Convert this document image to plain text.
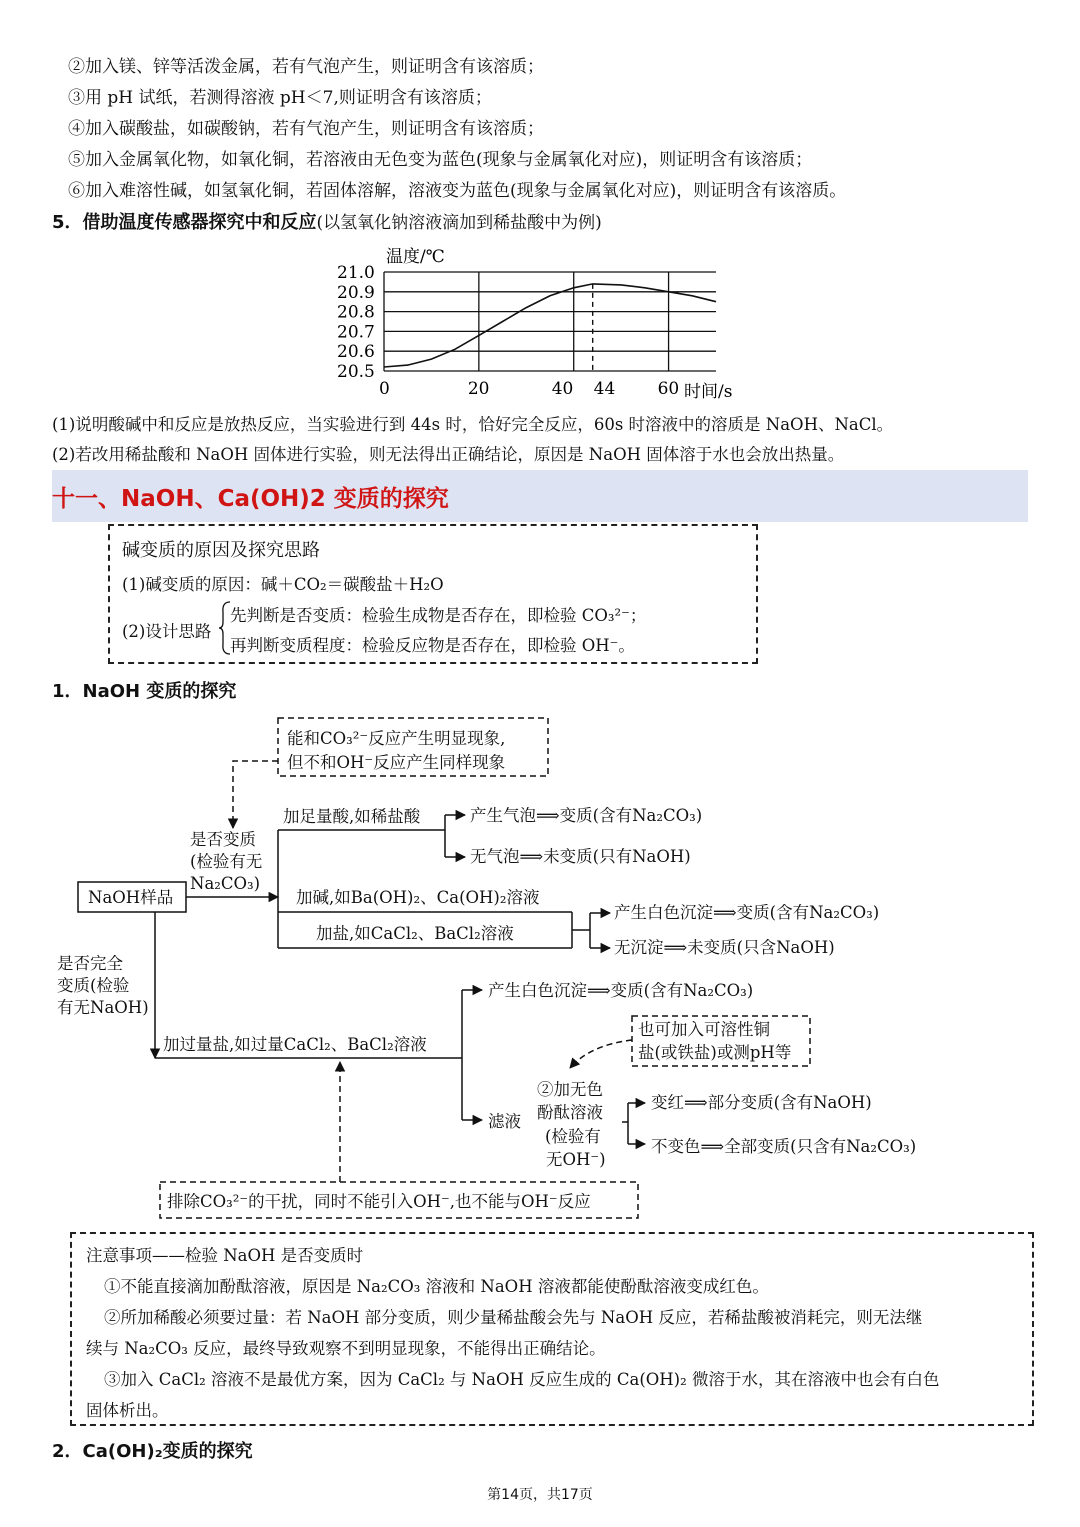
②加入镁、锌等活泼金属，若有气泡产生，则证明含有该溶质；
③用 pH 试纸，若测得溶液 pH＜7,则证明含有该溶质；
④加入碳酸盐，如碳酸钠，若有气泡产生，则证明含有该溶质；
⑤加入金属氧化物，如氧化铜，若溶液由无色变为蓝色(现象与金属氧化对应)，则证明含有该溶质；
⑥加入难溶性碱，如氢氧化铜，若固体溶解，溶液变为蓝色(现象与金属氧化对应)，则证明含有该溶质。
5．借助温度传感器探究中和反应(以氢氧化钠溶液滴加到稀盐酸中为例)
温度/℃
21.0
20.9
20.8
20.7
20.6
20.5
0	20	40 44 60 时间/s
(1)说明酸碱中和反应是放热反应，当实验进行到 44s 时，恰好完全反应，60s 时溶液中的溶质是 NaOH、NaCl。
(2)若改用稀盐酸和 NaOH 固体进行实验，则无法得出正确结论，原因是 NaOH 固体溶于水也会放出热量。
十一、NaOH、Ca(OH)2 变质的探究
碱变质的原因及探究思路
(1)碱变质的原因：碱＋CO₂＝碳酸盐＋H₂O
(2)设计思路
先判断是否变质：检验生成物是否存在，即检验 CO₃²⁻；
再判断变质程度：检验反应物是否存在，即检验 OH⁻。
1．NaOH 变质的探究
能和CO₃²⁻反应产生明显现象,
但不和OH⁻反应产生同样现象
是否变质
(检验有无
Na₂CO₃)
NaOH样品
加足量酸,如稀盐酸	产生气泡⟹变质(含有Na₂CO₃)
无气泡⟹未变质(只有NaOH)
加碱,如Ba(OH)₂、Ca(OH)₂溶液
加盐,如CaCl₂、BaCl₂溶液
产生白色沉淀⟹变质(含有Na₂CO₃)
无沉淀⟹未变质(只含NaOH)
是否完全
变质(检验
有无NaOH)
加过量盐,如过量CaCl₂、BaCl₂溶液
产生白色沉淀⟹变质(含有Na₂CO₃)
也可加入可溶性铜
盐(或铁盐)或测pH等
滤液
②加无色
酚酞溶液
(检验有
无OH⁻)
变红⟹部分变质(含有NaOH)
不变色⟹全部变质(只含有Na₂CO₃)
排除CO₃²⁻的干扰，同时不能引入OH⁻,也不能与OH⁻反应
注意事项——检验 NaOH 是否变质时
①不能直接滴加酚酞溶液，原因是 Na₂CO₃ 溶液和 NaOH 溶液都能使酚酞溶液变成红色。
②所加稀酸必须要过量：若 NaOH 部分变质，则少量稀盐酸会先与 NaOH 反应，若稀盐酸被消耗完，则无法继
续与 Na₂CO₃ 反应，最终导致观察不到明显现象，不能得出正确结论。
③加入 CaCl₂ 溶液不是最优方案，因为 CaCl₂ 与 NaOH 反应生成的 Ca(OH)₂ 微溶于水，其在溶液中也会有白色
固体析出。
2．Ca(OH)₂变质的探究
第14页，共17页
